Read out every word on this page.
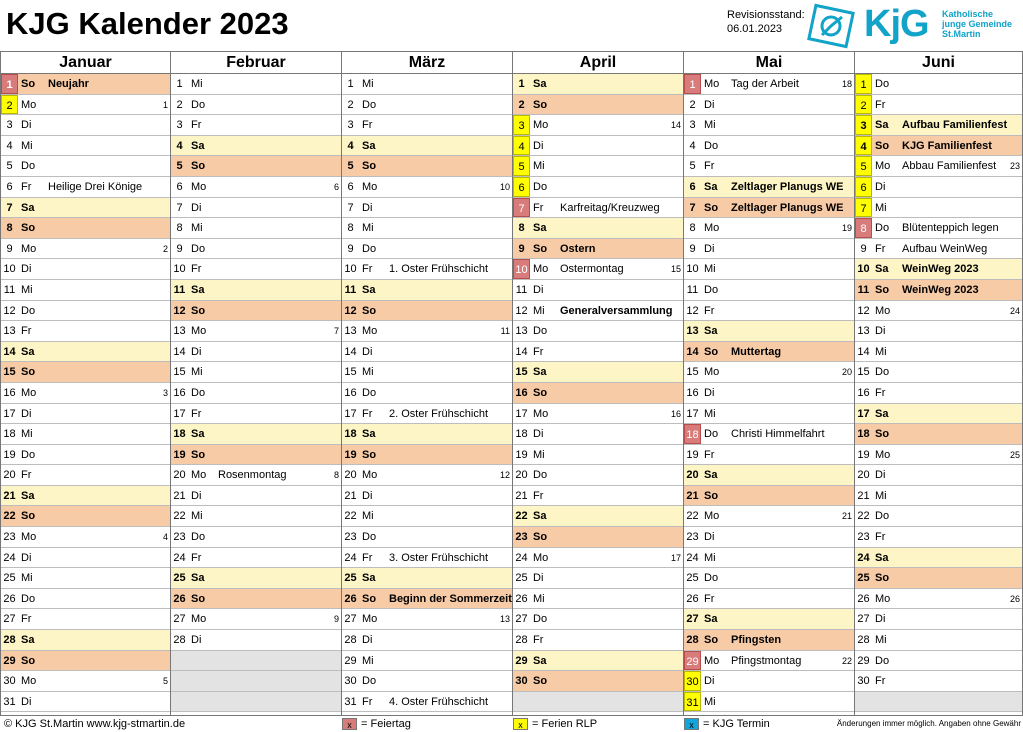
KJG Kalender 2023	Revisionsstand:
06.01.2023	KjG Katholische
junge Gemeinde
St.Martin
Januar
1 So Neujahr
2 Mo	1
3 Di
4 Mi
5 Do
6 Fr Heilige Drei Könige
7 Sa
8 So
9 Mo	2
10 Di
11 Mi
12 Do
13 Fr
14 Sa
15 So
16 Mo	3
17 Di
18 Mi
19 Do
20 Fr
21 Sa
22 So
23 Mo	4
24 Di
25 Mi
26 Do
27 Fr
28 Sa
29 So
30 Mo	5
31 Di
Februar
1 Mi
2 Do
3 Fr
4 Sa
5 So
6 Mo	6
7 Di
8 Mi
9 Do
10 Fr
11 Sa
12 So
13 Mo	7
14 Di
15 Mi
16 Do
17 Fr
18 Sa
19 So
20 Mo Rosenmontag	8
21 Di
22 Mi
23 Do
24 Fr
25 Sa
26 So
27 Mo	9
28 Di
März
1 Mi
2 Do
3 Fr
4 Sa
5 So
6 Mo	10
7 Di
8 Mi
9 Do
10 Fr 1. Oster Frühschicht
11 Sa
12 So
13 Mo	11
14 Di
15 Mi
16 Do
17 Fr 2. Oster Frühschicht
18 Sa
19 So
20 Mo	12
21 Di
22 Mi
23 Do
24 Fr 3. Oster Frühschicht
25 Sa
26 So Beginn der Sommerzeit
27 Mo	13
28 Di
29 Mi
30 Do
31 Fr 4. Oster Frühschicht
April
1 Sa
2 So
3 Mo	14
4 Di
5 Mi
6 Do
7 Fr Karfreitag/Kreuzweg
8 Sa
9 So Ostern
10 Mo Ostermontag	15
11 Di
12 Mi Generalversammlung
13 Do
14 Fr
15 Sa
16 So
17 Mo	16
18 Di
19 Mi
20 Do
21 Fr
22 Sa
23 So
24 Mo	17
25 Di
26 Mi
27 Do
28 Fr
29 Sa
30 So
Mai
1 Mo Tag der Arbeit	18
2 Di
3 Mi
4 Do
5 Fr
6 Sa Zeltlager Planugs WE
7 So Zeltlager Planugs WE
8 Mo	19
9 Di
10 Mi
11 Do
12 Fr
13 Sa
14 So Muttertag
15 Mo	20
16 Di
17 Mi
18 Do Christi Himmelfahrt
19 Fr
20 Sa
21 So
22 Mo	21
23 Di
24 Mi
25 Do
26 Fr
27 Sa
28 So Pfingsten
29 Mo Pfingstmontag	22
30 Di
31 Mi
Juni
1 Do
2 Fr
3 Sa Aufbau Familienfest
4 So KJG Familienfest
5 Mo Abbau Familienfest	23
6 Di
7 Mi
8 Do Blütenteppich legen
9 Fr Aufbau WeinWeg
10 Sa WeinWeg 2023
11 So WeinWeg 2023
12 Mo	24
13 Di
14 Mi
15 Do
16 Fr
17 Sa
18 So
19 Mo	25
20 Di
21 Mi
22 Do
23 Fr
24 Sa
25 So
26 Mo	26
27 Di
28 Mi
29 Do
30 Fr
© KJG St.Martin www.kjg-stmartin.de	x = Feiertag	x = Ferien RLP	x = KJG Termin	Änderungen immer möglich. Angaben ohne Gewähr
